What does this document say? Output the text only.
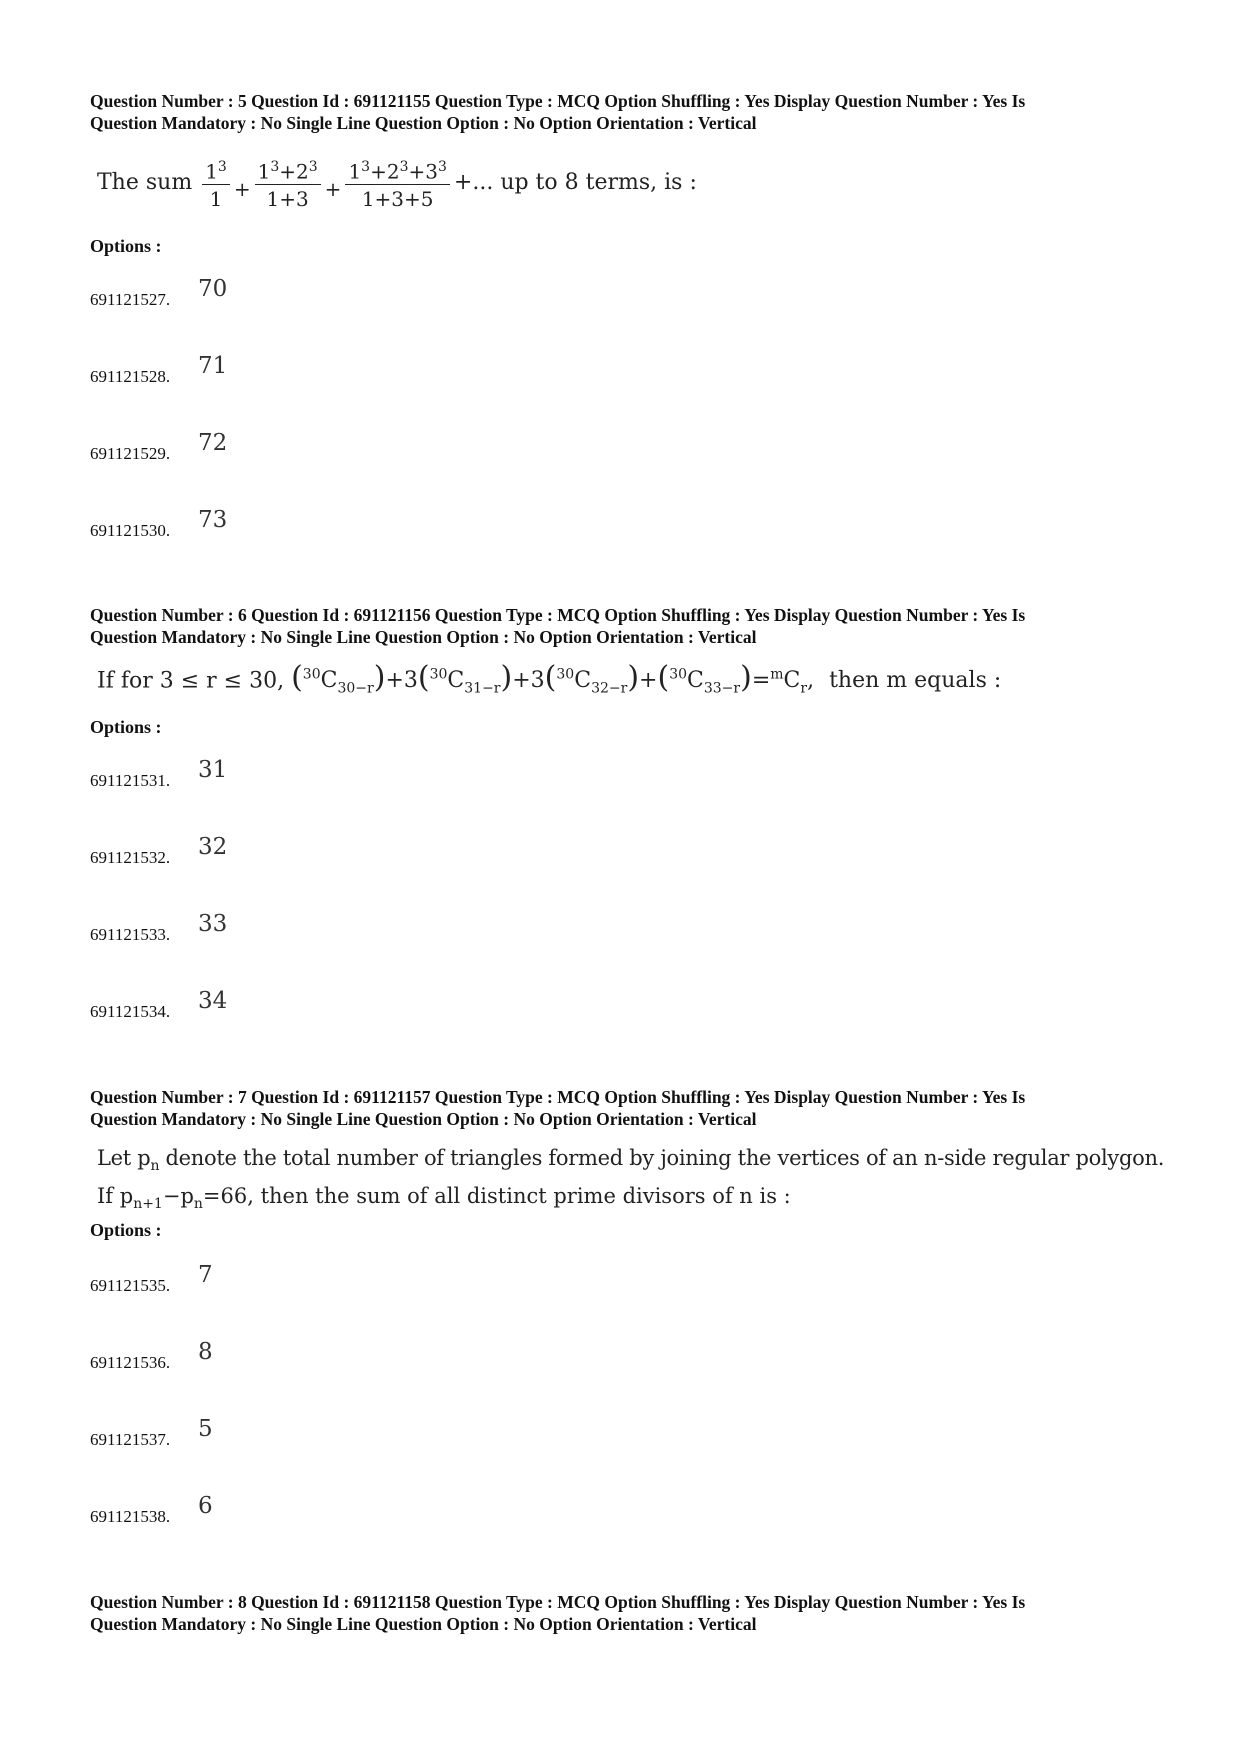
Question Number : 5 Question Id : 691121155 Question Type : MCQ Option Shuffling : Yes Display Question Number : Yes Is
Question Mandatory : No Single Line Question Option : No Option Orientation : Vertical
The sum $\frac{1^3}{1} + \frac{1^3+2^3}{1+3} + \frac{1^3+2^3+3^3}{1+3+5}$ +... up to 8 terms, is :
Options :
691121527. 70
691121528. 71
691121529. 72
691121530. 73
Question Number : 6 Question Id : 691121156 Question Type : MCQ Option Shuffling : Yes Display Question Number : Yes Is
Question Mandatory : No Single Line Question Option : No Option Orientation : Vertical
If for 3 ≤ r ≤ 30, $(^{30}C_{30-r})+3(^{30}C_{31-r})+3(^{30}C_{32-r})+(^{30}C_{33-r})=^mC_r$, then m equals :
Options :
691121531. 31
691121532. 32
691121533. 33
691121534. 34
Question Number : 7 Question Id : 691121157 Question Type : MCQ Option Shuffling : Yes Display Question Number : Yes Is
Question Mandatory : No Single Line Question Option : No Option Orientation : Vertical
Let $p_n$ denote the total number of triangles formed by joining the vertices of an n-side regular polygon.
If $p_{n+1}-p_n=66$, then the sum of all distinct prime divisors of n is :
Options :
691121535. 7
691121536. 8
691121537. 5
691121538. 6
Question Number : 8 Question Id : 691121158 Question Type : MCQ Option Shuffling : Yes Display Question Number : Yes Is
Question Mandatory : No Single Line Question Option : No Option Orientation : Vertical
